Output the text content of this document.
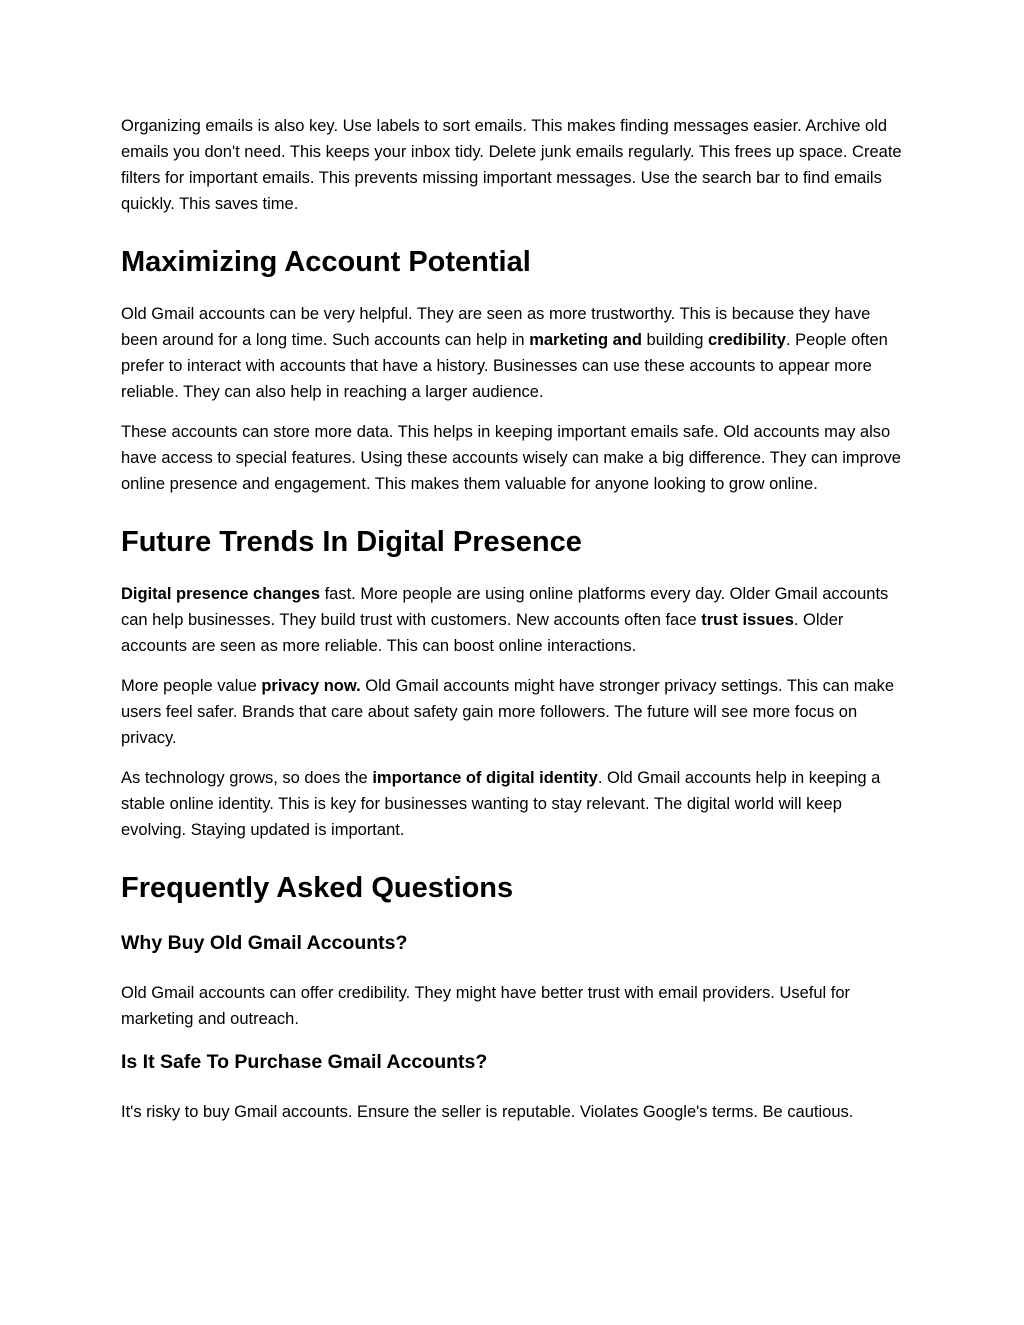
Organizing emails is also key. Use labels to sort emails. This makes finding messages easier. Archive old emails you don't need. This keeps your inbox tidy. Delete junk emails regularly. This frees up space. Create filters for important emails. This prevents missing important messages. Use the search bar to find emails quickly. This saves time.

Maximizing Account Potential

Old Gmail accounts can be very helpful. They are seen as more trustworthy. This is because they have been around for a long time. Such accounts can help in marketing and building credibility. People often prefer to interact with accounts that have a history. Businesses can use these accounts to appear more reliable. They can also help in reaching a larger audience.

These accounts can store more data. This helps in keeping important emails safe. Old accounts may also have access to special features. Using these accounts wisely can make a big difference. They can improve online presence and engagement. This makes them valuable for anyone looking to grow online.

Future Trends In Digital Presence

Digital presence changes fast. More people are using online platforms every day. Older Gmail accounts can help businesses. They build trust with customers. New accounts often face trust issues. Older accounts are seen as more reliable. This can boost online interactions.

More people value privacy now. Old Gmail accounts might have stronger privacy settings. This can make users feel safer. Brands that care about safety gain more followers. The future will see more focus on privacy.

As technology grows, so does the importance of digital identity. Old Gmail accounts help in keeping a stable online identity. This is key for businesses wanting to stay relevant. The digital world will keep evolving. Staying updated is important.

Frequently Asked Questions
Why Buy Old Gmail Accounts?

Old Gmail accounts can offer credibility. They might have better trust with email providers. Useful for marketing and outreach.

Is It Safe To Purchase Gmail Accounts?

It's risky to buy Gmail accounts. Ensure the seller is reputable. Violates Google's terms. Be cautious.
